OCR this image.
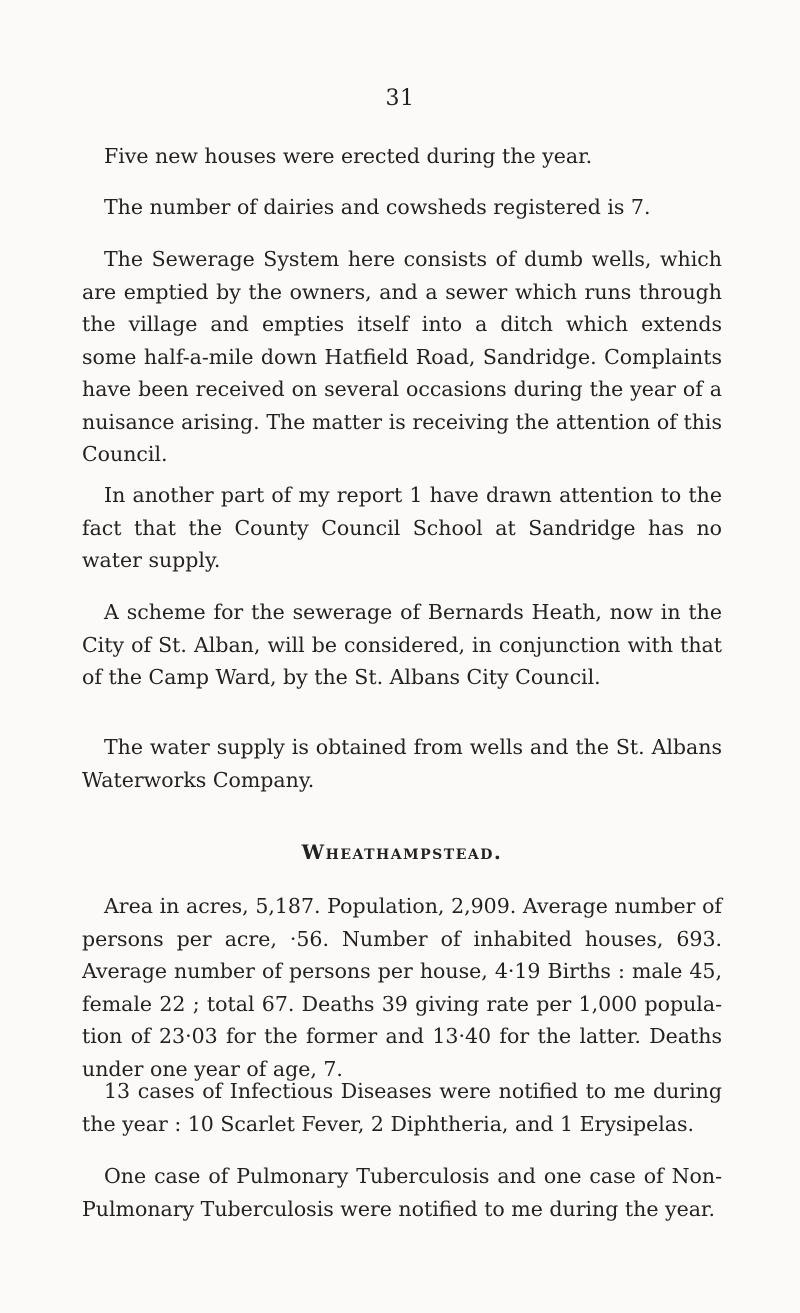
31

Five new houses were erected during the year.

The number of dairies and cowsheds registered is 7.

The Sewerage System here consists of dumb wells, which are emptied by the owners, and a sewer which runs through the village and empties itself into a ditch which extends some half-a-mile down Hatfield Road, Sandridge. Complaints have been received on several occasions during the year of a nuisance arising. The matter is receiving the attention of this Council.

In another part of my report 1 have drawn attention to the fact that the County Council School at Sandridge has no water supply.

A scheme for the sewerage of Bernards Heath, now in the City of St. Alban, will be considered, in conjunction with that of the Camp Ward, by the St. Albans City Council.

The water supply is obtained from wells and the St. Albans Waterworks Company.

Wheathampstead.

Area in acres, 5,187. Population, 2,909. Average number of persons per acre, ·56. Number of inhabited houses, 693. Average number of persons per house, 4·19 Births : male 45, female 22 ; total 67. Deaths 39 giving rate per 1,000 popula- tion of 23·03 for the former and 13·40 for the latter. Deaths under one year of age, 7.

13 cases of Infectious Diseases were notified to me during the year : 10 Scarlet Fever, 2 Diphtheria, and 1 Erysipelas.

One case of Pulmonary Tuberculosis and one case of Non- Pulmonary Tuberculosis were notified to me during the year.
